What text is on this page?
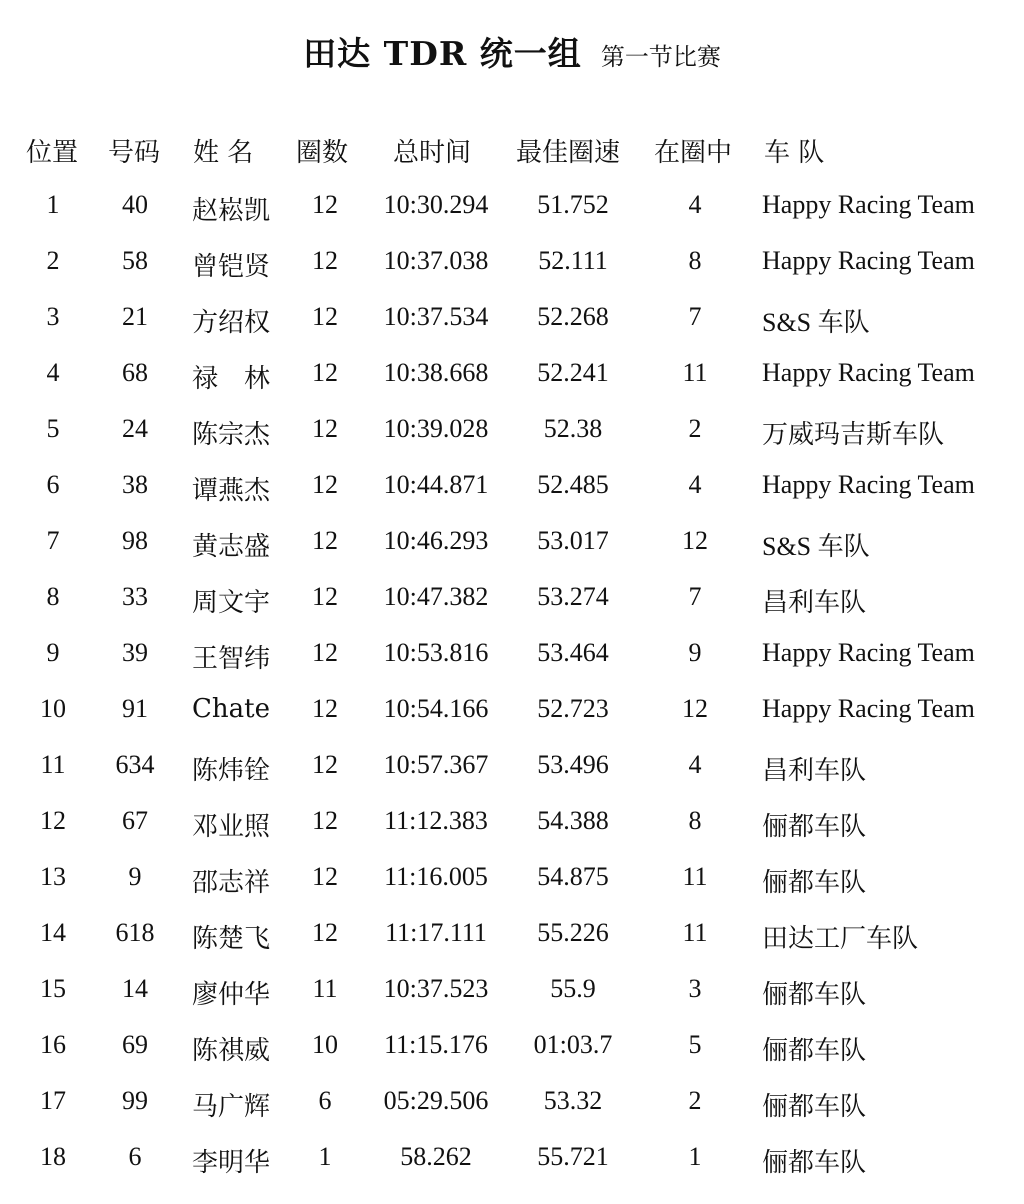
田达 TDR 统一组 第一节比赛
位置 号码 姓 名 圈数 总时间 最佳圈速 在圈中 车 队
1	40	赵崧凯	12	10:30.294	51.752	4	Happy Racing Team
2	58	曾铠贤	12	10:37.038	52.111	8	Happy Racing Team
3	21	方绍权	12	10:37.534	52.268	7	S&S 车队
4	68	禄　林	12	10:38.668	52.241	11	Happy Racing Team
5	24	陈宗杰	12	10:39.028	52.38	2	万威玛吉斯车队
6	38	谭燕杰	12	10:44.871	52.485	4	Happy Racing Team
7	98	黄志盛	12	10:46.293	53.017	12	S&S 车队
8	33	周文宇	12	10:47.382	53.274	7	昌利车队
9	39	王智纬	12	10:53.816	53.464	9	Happy Racing Team
10	91	Chate	12	10:54.166	52.723	12	Happy Racing Team
11	634	陈炜铨	12	10:57.367	53.496	4	昌利车队
12	67	邓业照	12	11:12.383	54.388	8	俪都车队
13	9	邵志祥	12	11:16.005	54.875	11	俪都车队
14	618	陈楚飞	12	11:17.111	55.226	11	田达工厂车队
15	14	廖仲华	11	10:37.523	55.9	3	俪都车队
16	69	陈祺威	10	11:15.176	01:03.7	5	俪都车队
17	99	马广辉	6	05:29.506	53.32	2	俪都车队
18	6	李明华	1	58.262	55.721	1	俪都车队
